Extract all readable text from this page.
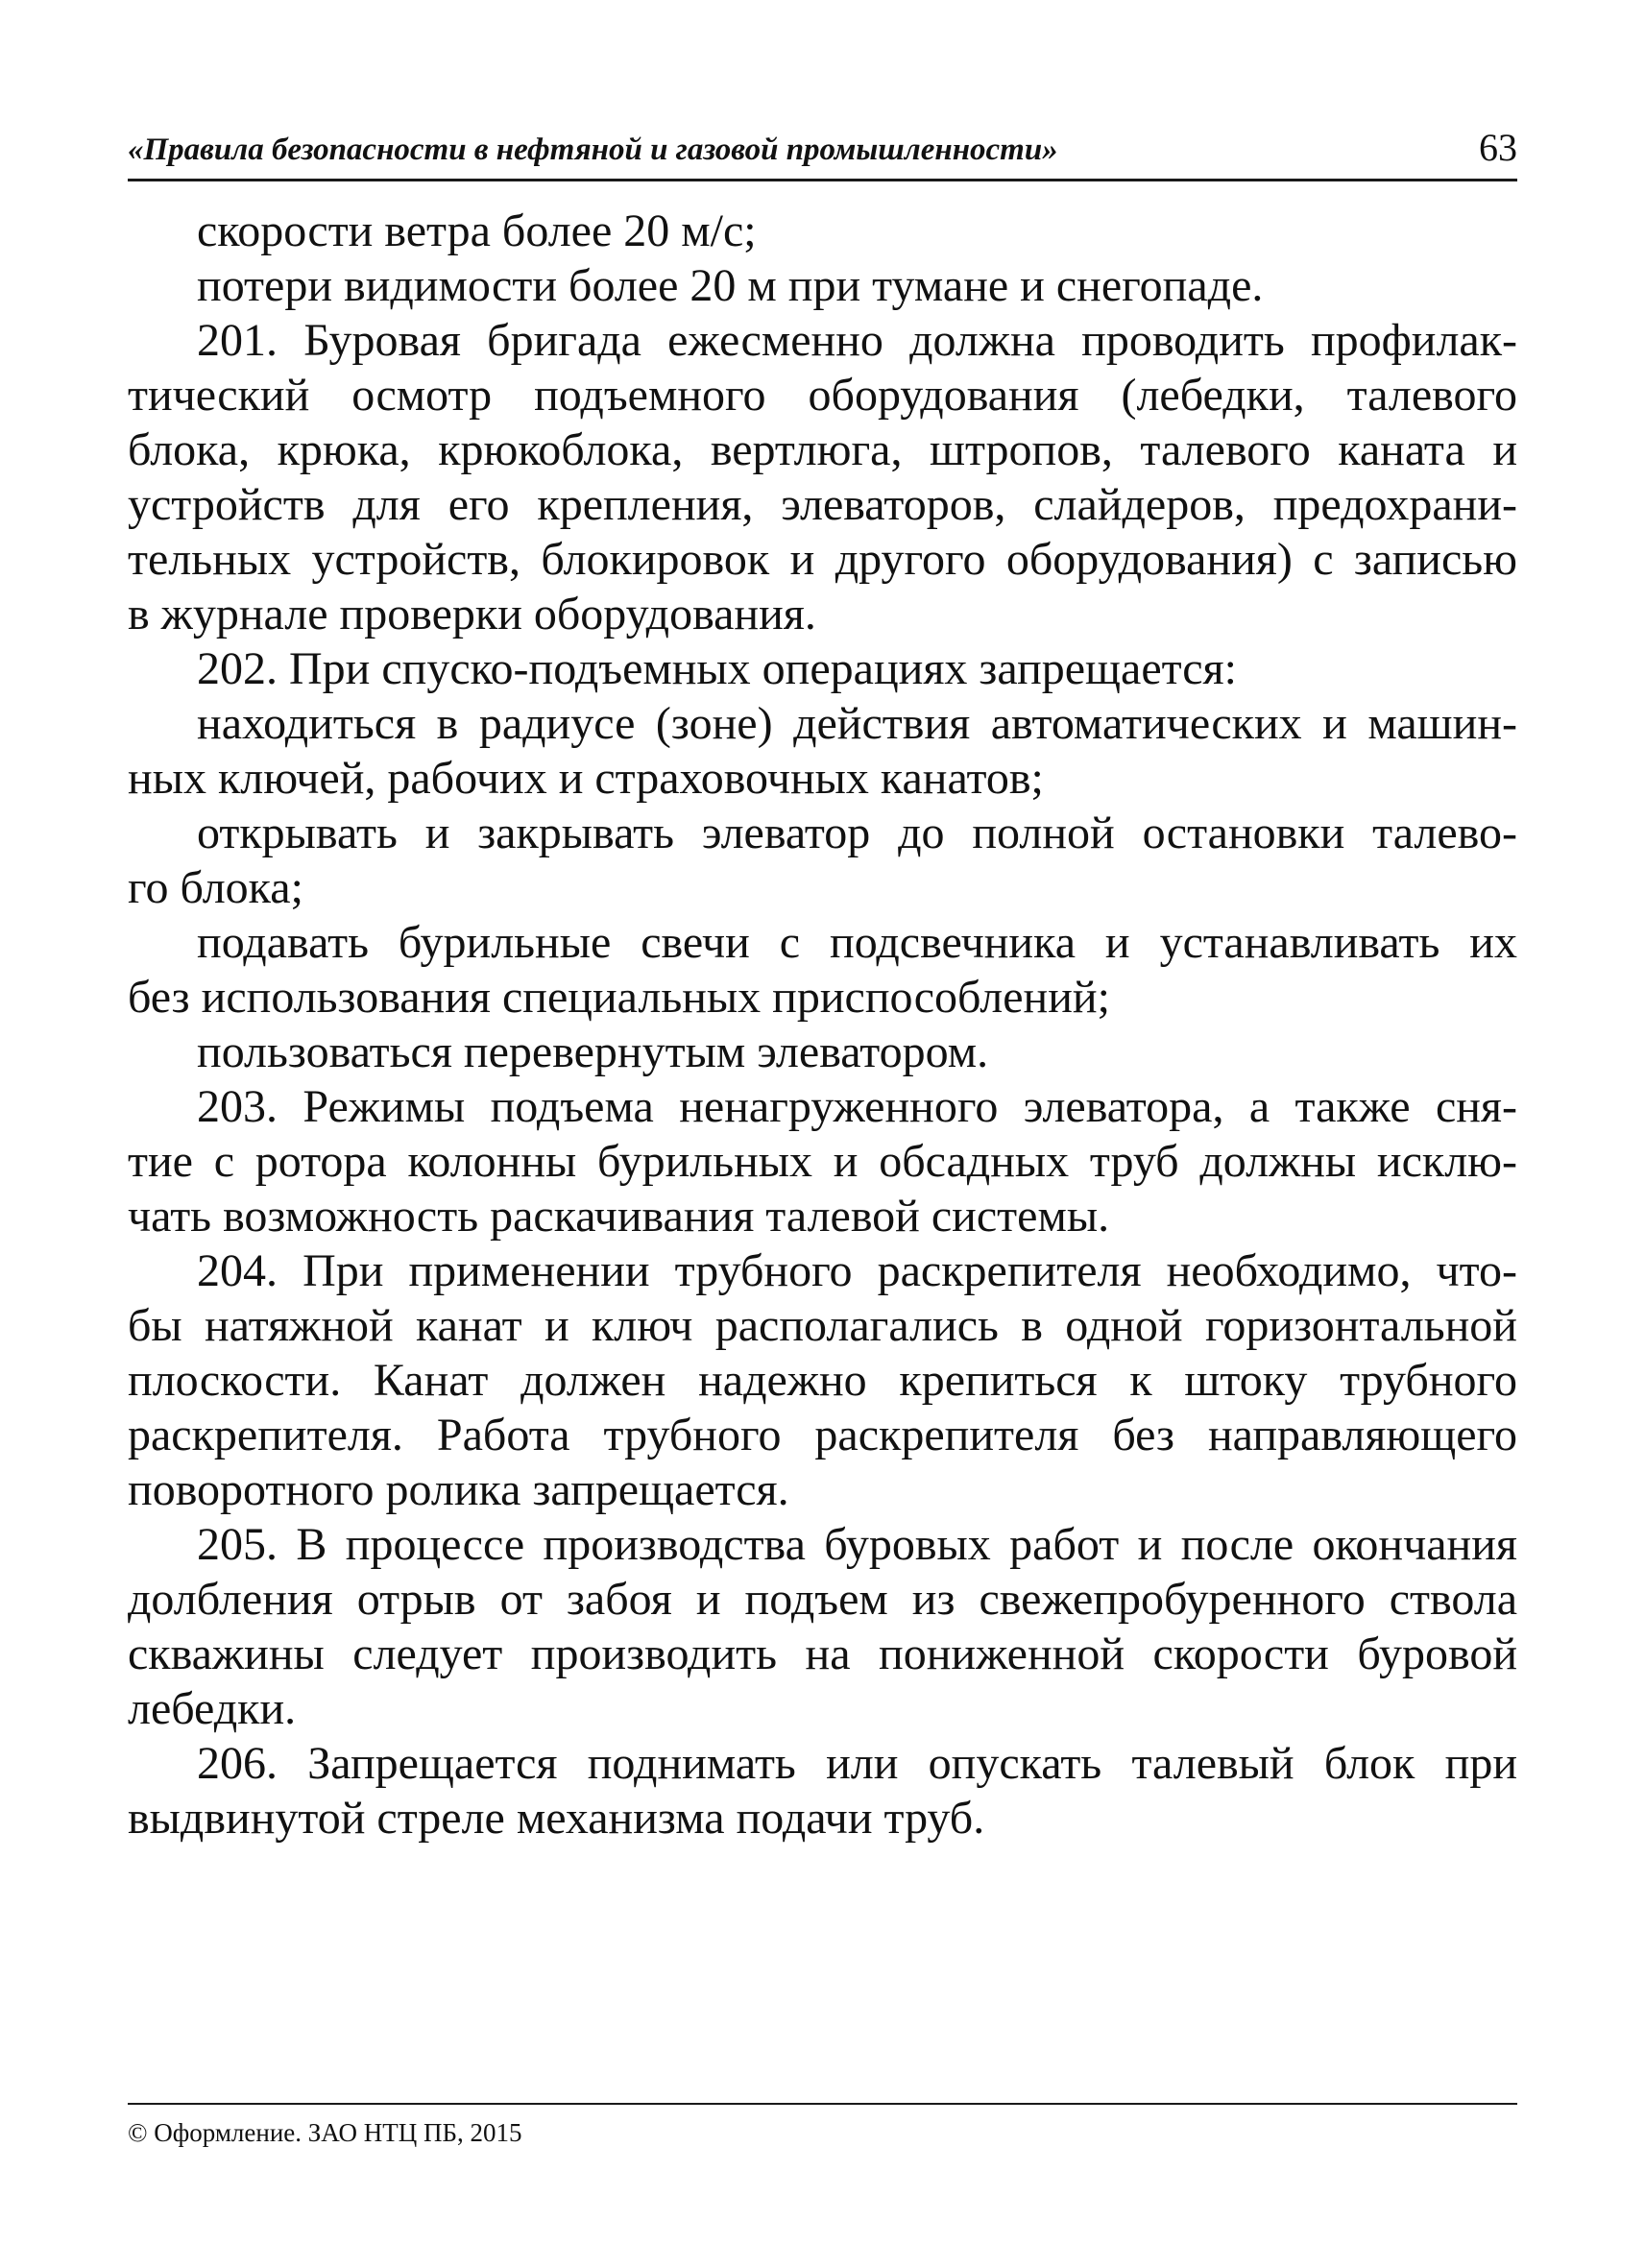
«Правила безопасности в нефтяной и газовой промышленности»	63
скорости ветра более 20 м/с;
потери видимости более 20 м при тумане и снегопаде.
201. Буровая бригада ежесменно должна проводить профилак-
тический осмотр подъемного оборудования (лебедки, талевого
блока, крюка, крюкоблока, вертлюга, штропов, талевого каната и
устройств для его крепления, элеваторов, слайдеров, предохрани-
тельных устройств, блокировок и другого оборудования) с записью
в журнале проверки оборудования.
202. При спуско-подъемных операциях запрещается:
находиться в радиусе (зоне) действия автоматических и машин-
ных ключей, рабочих и страховочных канатов;
открывать и закрывать элеватор до полной остановки талево-
го блока;
подавать бурильные свечи с подсвечника и устанавливать их
без использования специальных приспособлений;
пользоваться перевернутым элеватором.
203. Режимы подъема ненагруженного элеватора, а также сня-
тие с ротора колонны бурильных и обсадных труб должны исклю-
чать возможность раскачивания талевой системы.
204. При применении трубного раскрепителя необходимо, что-
бы натяжной канат и ключ располагались в одной горизонтальной
плоскости. Канат должен надежно крепиться к штоку трубного
раскрепителя. Работа трубного раскрепителя без направляющего
поворотного ролика запрещается.
205. В процессе производства буровых работ и после окончания
долбления отрыв от забоя и подъем из свежепробуренного ствола
скважины следует производить на пониженной скорости буровой
лебедки.
206. Запрещается поднимать или опускать талевый блок при
выдвинутой стреле механизма подачи труб.
© Оформление. ЗАО НТЦ ПБ, 2015
